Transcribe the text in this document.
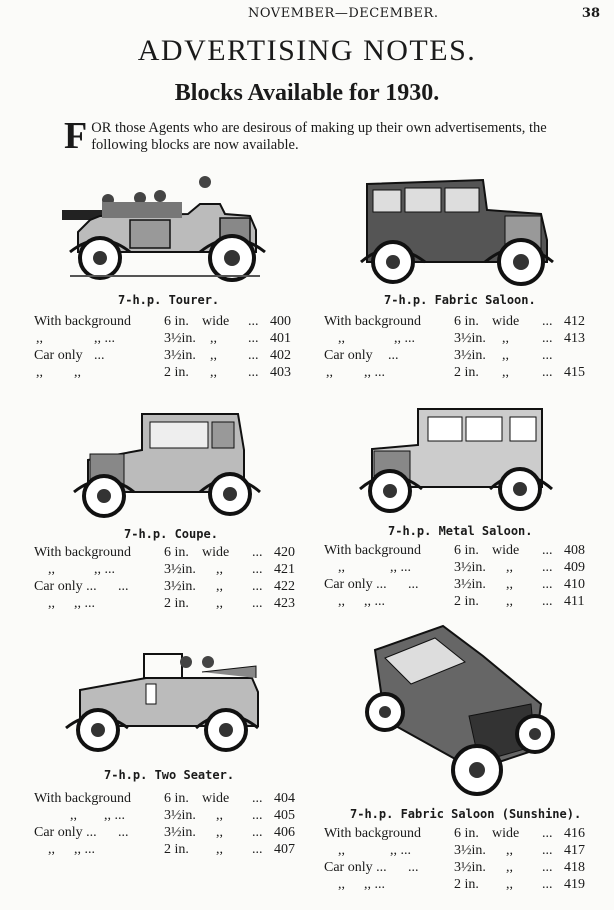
NOVEMBER—DECEMBER.	38
ADVERTISING NOTES.
Blocks Available for 1930.
FOR those Agents who are desirous of making up their own advertisements, the following blocks are now available.
7-h.p. Tourer.
With background 6 in. wide ... 400
,,	,, ...	3½in. ,, ... 401
Car only ...	3½in. ,, ... 402
,, ,,	2 in. ,, ... 403
7-h.p. Fabric Saloon.
With background 6 in. wide ... 412
,,	,, ...	3½in. ,, ... 413
Car only ...	3½in. ,, ...
,, ,, ...	2 in. ,, ... 415
7-h.p. Coupe.
With background 6 in. wide ... 420
,,	,, ...	3½in. ,, ... 421
Car only ... ...	3½in. ,, ... 422
,, ,, ...	2 in. ,, ... 423
7-h.p. Metal Saloon.
With background 6 in. wide ... 408
,,	,, ...	3½in. ,, ... 409
Car only ... ...	3½in. ,, ... 410
,, ,, ...	2 in. ,, ... 411
7-h.p. Two Seater.
With background 6 in. wide ... 404
,, ,, ...	3½in. ,, ... 405
Car only ... ...	3½in. ,, ... 406
,, ,, ...	2 in. ,, ... 407
7-h.p. Fabric Saloon (Sunshine).
With background 6 in. wide ... 416
,,	,, ...	3½in. ,, ... 417
Car only ... ...	3½in. ,, ... 418
,, ,, ...	2 in. ,, ... 419
